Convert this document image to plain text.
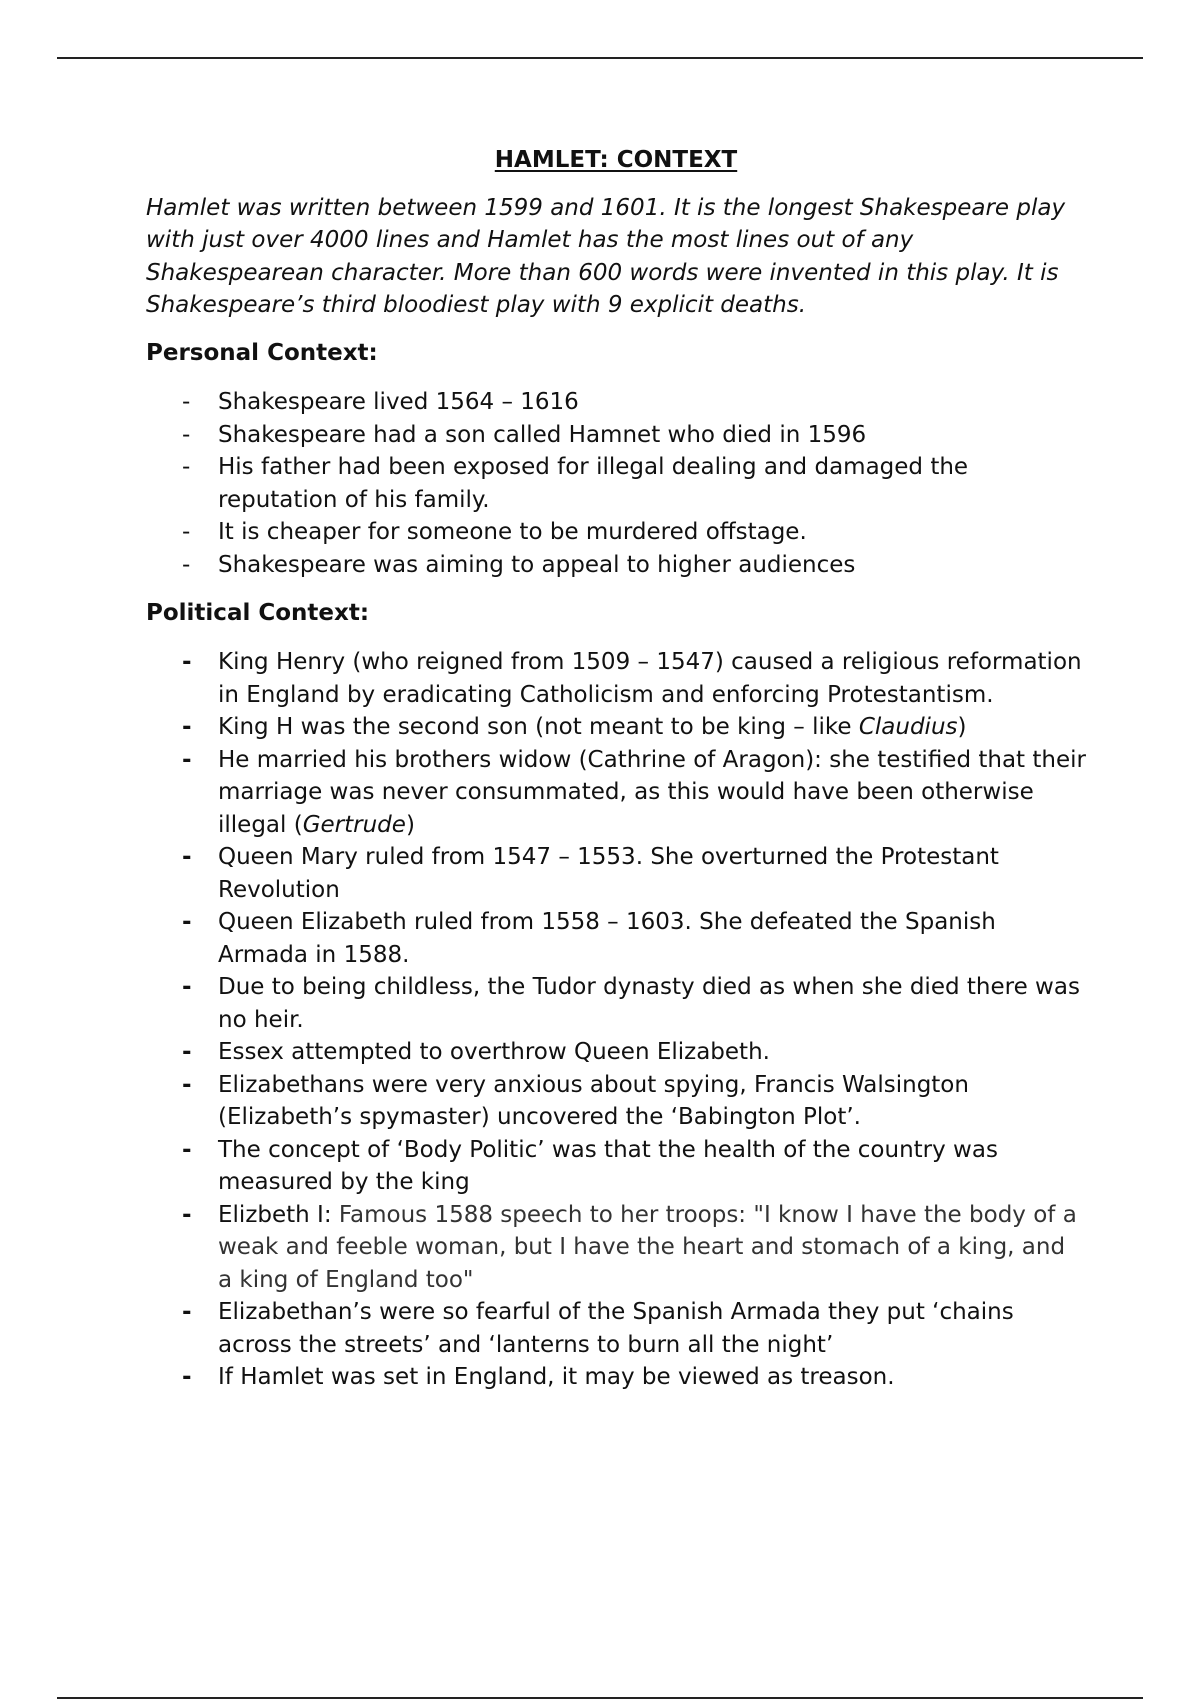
HAMLET: CONTEXT

Hamlet was written between 1599 and 1601. It is the longest Shakespeare play with just over 4000 lines and Hamlet has the most lines out of any Shakespearean character. More than 600 words were invented in this play. It is Shakespeare’s third bloodiest play with 9 explicit deaths.

Personal Context:
-	Shakespeare lived 1564 – 1616
-	Shakespeare had a son called Hamnet who died in 1596
-	His father had been exposed for illegal dealing and damaged the reputation of his family.
-	It is cheaper for someone to be murdered offstage.
-	Shakespeare was aiming to appeal to higher audiences
Political Context:
-	King Henry (who reigned from 1509 – 1547) caused a religious reformation in England by eradicating Catholicism and enforcing Protestantism.
-	King H was the second son (not meant to be king – like Claudius)
-	He married his brothers widow (Cathrine of Aragon): she testified that their marriage was never consummated, as this would have been otherwise illegal (Gertrude)
-	Queen Mary ruled from 1547 – 1553. She overturned the Protestant Revolution
-	Queen Elizabeth ruled from 1558 – 1603. She defeated the Spanish Armada in 1588.
-	Due to being childless, the Tudor dynasty died as when she died there was no heir.
-	Essex attempted to overthrow Queen Elizabeth.
-	Elizabethans were very anxious about spying, Francis Walsington (Elizabeth’s spymaster) uncovered the ‘Babington Plot’.
-	The concept of ‘Body Politic’ was that the health of the country was measured by the king
-	Elizbeth I: Famous 1588 speech to her troops: "I know I have the body of a weak and feeble woman, but I have the heart and stomach of a king, and a king of England too"
-	Elizabethan’s were so fearful of the Spanish Armada they put ‘chains across the streets’ and ‘lanterns to burn all the night’
-	If Hamlet was set in England, it may be viewed as treason.
